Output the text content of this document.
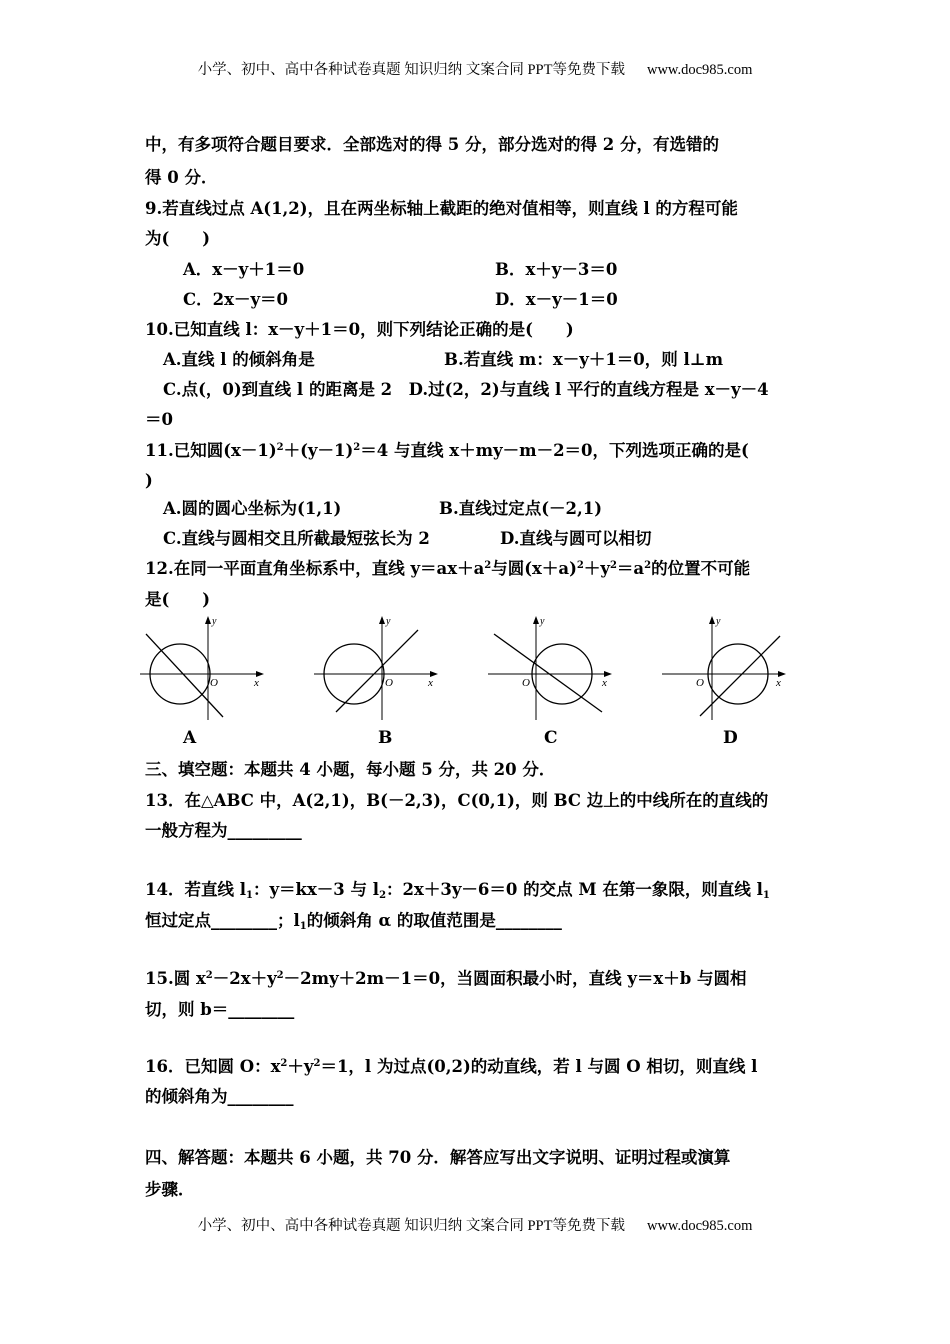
小学、初中、高中各种试卷真题 知识归纳 文案合同 PPT等免费下载 www.doc985.com
中，有多项符合题目要求．全部选对的得 5 分，部分选对的得 2 分，有选错的
得 0 分．
9.若直线过点 A(1,2)，且在两坐标轴上截距的绝对值相等，则直线 l 的方程可能
为(　　)
A．x－y＋1＝0	B．x＋y－3＝0
C．2x－y＝0	D．x－y－1＝0
10.已知直线 l：x－y＋1＝0，则下列结论正确的是(　　)
A.直线 l 的倾斜角是	B.若直线 m：x－y＋1＝0，则 l⊥m
C.点(，0)到直线 l 的距离是 2　D.过(2，2)与直线 l 平行的直线方程是 x－y－4
＝0
11.已知圆$(x-1)^2+(y-1)^2=4$ 与直线 x＋my－m－2＝0，下列选项正确的是(
)
A.圆的圆心坐标为(1,1)	B.直线过定点(－2,1)
C.直线与圆相交且所截最短弦长为 2	D.直线与圆可以相切
12.在同一平面直角坐标系中，直线 $y=ax+a^2$与圆$(x+a)^2+y^2=a^2$的位置不可能
是(　　)
y
x
O
A
y
x
O
B
y
x
O
C
y
x
O
D
三、填空题：本题共 4 小题，每小题 5 分，共 20 分．
13．在△ABC 中，A(2,1)，B(－2,3)，C(0,1)，则 BC 边上的中线所在的直线的
一般方程为_________
14．若直线 $l_1$：y＝kx－3 与 $l_2$：2x＋3y－6＝0 的交点 M 在第一象限，则直线 $l_1$
恒过定点________；$l_1$的倾斜角 α 的取值范围是________
15.圆 $x^2-2x+y^2-2my+2m-1=0$，当圆面积最小时，直线 y＝x＋b 与圆相
切，则 b＝________
16．已知圆 O：$x^2+y^2=1$，l 为过点(0,2)的动直线，若 l 与圆 O 相切，则直线 l
的倾斜角为________
四、解答题：本题共 6 小题，共 70 分．解答应写出文字说明、证明过程或演算
步骤．
小学、初中、高中各种试卷真题 知识归纳 文案合同 PPT等免费下载 www.doc985.com
